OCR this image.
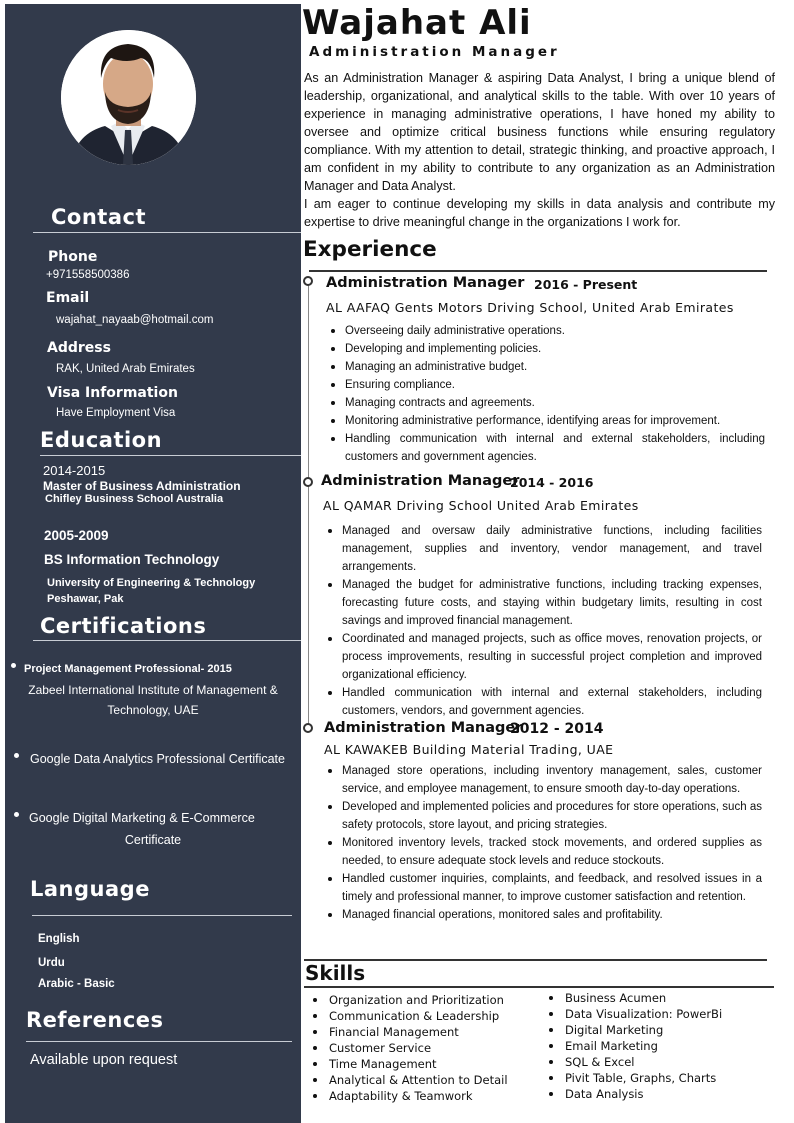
Contact
Phone
+971558500386
Email
wajahat_nayaab@hotmail.com
Address
RAK, United Arab Emirates
Visa Information
Have Employment Visa
Education
2014-2015
Master of Business Administration
Chifley Business School Australia
2005-2009
BS Information Technology
University of Engineering & Technology
Peshawar, Pak
Certifications
Project Management Professional- 2015
Zabeel International Institute of Management &
Technology, UAE
Google Data Analytics Professional Certificate
Google Digital Marketing & E-Commerce
Certificate
Language
English
Urdu
Arabic - Basic
References
Available upon request
Wajahat Ali
Administration Manager

As an Administration Manager & aspiring Data Analyst, I bring a unique blend of leadership, organizational, and analytical skills to the table. With over 10 years of experience in managing administrative operations, I have honed my ability to oversee and optimize critical business functions while ensuring regulatory compliance. With my attention to detail, strategic thinking, and proactive approach, I am confident in my ability to contribute to any organization as an Administration Manager and Data Analyst.

I am eager to continue developing my skills in data analysis and contribute my expertise to drive meaningful change in the organizations I work for.

Experience
Administration Manager 2016 - Present
AL AAFAQ Gents Motors Driving School, United Arab Emirates
Overseeing daily administrative operations.
Developing and implementing policies.
Managing an administrative budget.
Ensuring compliance.
Managing contracts and agreements.
Monitoring administrative performance, identifying areas for improvement.
Handling communication with internal and external stakeholders, including customers and government agencies.
Administration Manager
2014 - 2016
AL QAMAR Driving School United Arab Emirates
Managed and oversaw daily administrative functions, including facilities management, supplies and inventory, vendor management, and travel arrangements.
Managed the budget for administrative functions, including tracking expenses, forecasting future costs, and staying within budgetary limits, resulting in cost savings and improved financial management.
Coordinated and managed projects, such as office moves, renovation projects, or process improvements, resulting in successful project completion and improved organizational efficiency.
Handled communication with internal and external stakeholders, including customers, vendors, and government agencies.
Administration Manager
2012 - 2014
AL KAWAKEB Building Material Trading, UAE
Managed store operations, including inventory management, sales, customer service, and employee management, to ensure smooth day-to-day operations.
Developed and implemented policies and procedures for store operations, such as safety protocols, store layout, and pricing strategies.
Monitored inventory levels, tracked stock movements, and ordered supplies as needed, to ensure adequate stock levels and reduce stockouts.
Handled customer inquiries, complaints, and feedback, and resolved issues in a timely and professional manner, to improve customer satisfaction and retention.
Managed financial operations, monitored sales and profitability.
Skills
Organization and Prioritization
Communication & Leadership
Financial Management
Customer Service
Time Management
Analytical & Attention to Detail
Adaptability & Teamwork
Business Acumen
Data Visualization: PowerBi
Digital Marketing
Email Marketing
SQL & Excel
Pivit Table, Graphs, Charts
Data Analysis
